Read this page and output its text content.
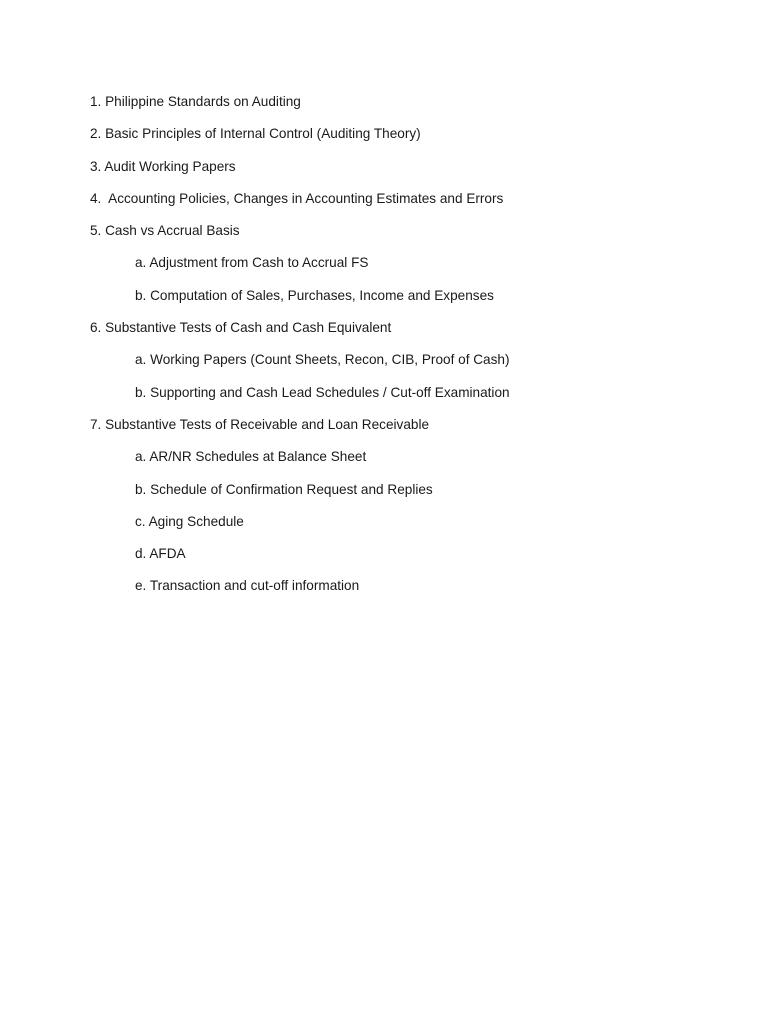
1. Philippine Standards on Auditing
2. Basic Principles of Internal Control (Auditing Theory)
3. Audit Working Papers
4.  Accounting Policies, Changes in Accounting Estimates and Errors
5. Cash vs Accrual Basis
a. Adjustment from Cash to Accrual FS
b. Computation of Sales, Purchases, Income and Expenses
6. Substantive Tests of Cash and Cash Equivalent
a. Working Papers (Count Sheets, Recon, CIB, Proof of Cash)
b. Supporting and Cash Lead Schedules / Cut-off Examination
7. Substantive Tests of Receivable and Loan Receivable
a. AR/NR Schedules at Balance Sheet
b. Schedule of Confirmation Request and Replies
c. Aging Schedule
d. AFDA
e. Transaction and cut-off information
